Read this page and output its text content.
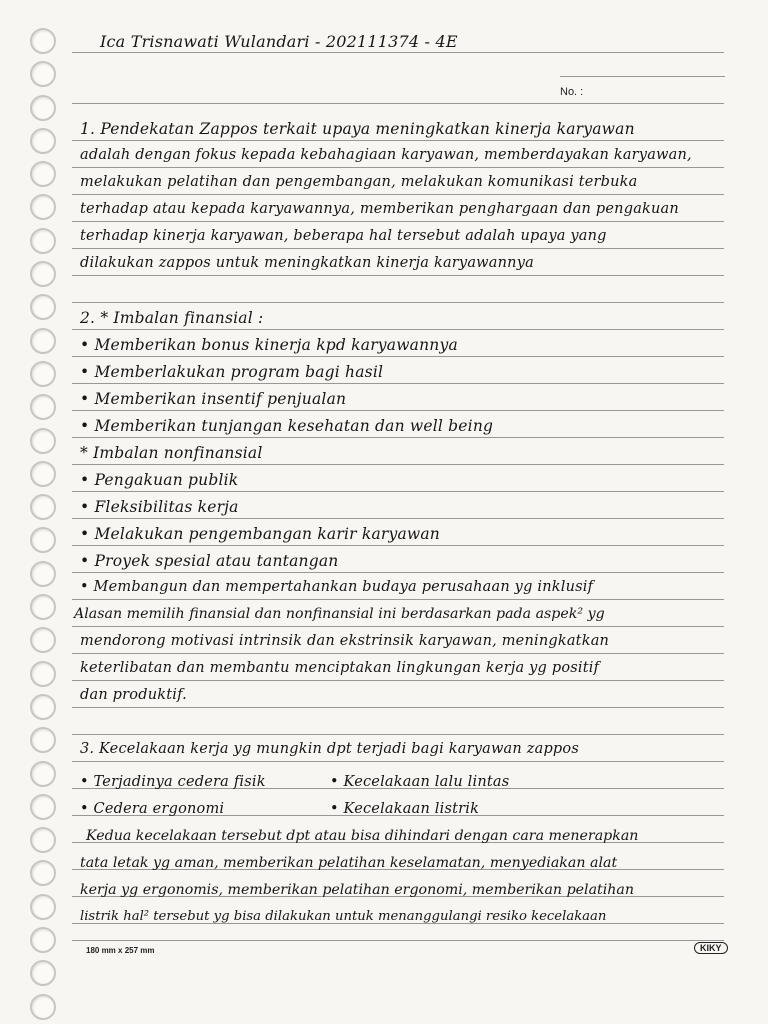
Ica Trisnawati Wulandari - 202111374 - 4E
No. :
1. Pendekatan Zappos terkait upaya meningkatkan kinerja karyawan
adalah dengan fokus kepada kebahagiaan karyawan, memberdayakan karyawan,
melakukan pelatihan dan pengembangan, melakukan komunikasi terbuka
terhadap atau kepada karyawannya, memberikan penghargaan dan pengakuan
terhadap kinerja karyawan, beberapa hal tersebut adalah upaya yang
dilakukan zappos untuk meningkatkan kinerja karyawannya
2. * Imbalan finansial :
• Memberikan bonus kinerja kpd karyawannya
• Memberlakukan program bagi hasil
• Memberikan insentif penjualan
• Memberikan tunjangan kesehatan dan well being
* Imbalan nonfinansial
• Pengakuan publik
• Fleksibilitas kerja
• Melakukan pengembangan karir karyawan
• Proyek spesial atau tantangan
• Membangun dan mempertahankan budaya perusahaan yg inklusif
Alasan memilih finansial dan nonfinansial ini berdasarkan pada aspek² yg
mendorong motivasi intrinsik dan ekstrinsik karyawan, meningkatkan
keterlibatan dan membantu menciptakan lingkungan kerja yg positif
dan produktif.
3. Kecelakaan kerja yg mungkin dpt terjadi bagi karyawan zappos
• Terjadinya cedera fisik	• Kecelakaan lalu lintas
• Cedera ergonomi	• Kecelakaan listrik
Kedua kecelakaan tersebut dpt atau bisa dihindari dengan cara menerapkan
tata letak yg aman, memberikan pelatihan keselamatan, menyediakan alat
kerja yg ergonomis, memberikan pelatihan ergonomi, memberikan pelatihan
listrik hal² tersebut yg bisa dilakukan untuk menanggulangi resiko kecelakaan
180 mm x 257 mm	KIKY
